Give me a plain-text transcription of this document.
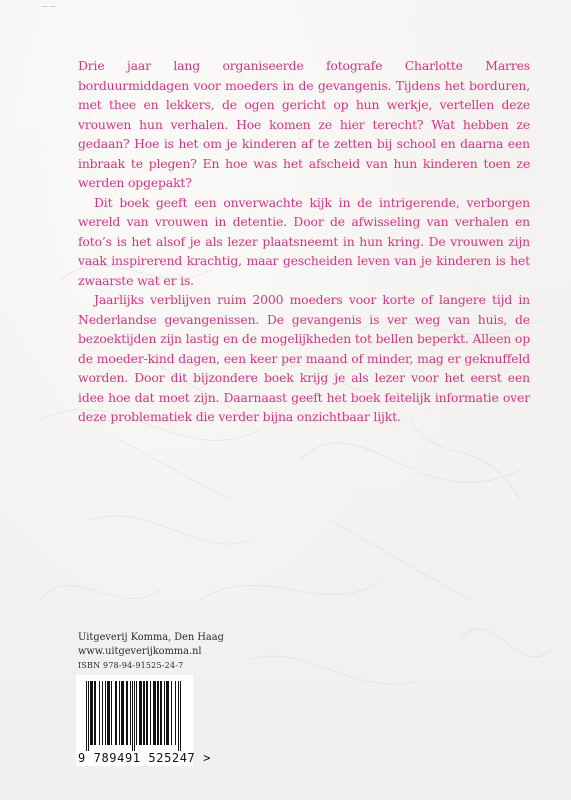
— —

Drie jaar lang organiseerde fotografe Charlotte Marres borduurmiddagen voor moeders in de gevangenis. Tijdens het borduren, met thee en lekkers, de ogen gericht op hun werkje, vertellen deze vrouwen hun verhalen. Hoe komen ze hier terecht? Wat hebben ze gedaan? Hoe is het om je kinderen af te zetten bij school en daarna een inbraak te plegen? En hoe was het afscheid van hun kinderen toen ze werden opgepakt?

Dit boek geeft een onverwachte kijk in de intrigerende, verborgen wereld van vrouwen in detentie. Door de afwisseling van verhalen en foto’s is het alsof je als lezer plaatsneemt in hun kring. De vrouwen zijn vaak inspirerend krachtig, maar gescheiden leven van je kinderen is het zwaarste wat er is.

Jaarlijks verblijven ruim 2000 moeders voor korte of langere tijd in Nederlandse gevangenissen. De gevangenis is ver weg van huis, de bezoektijden zijn lastig en de mogelijkheden tot bellen beperkt. Alleen op de moeder-kind dagen, een keer per maand of minder, mag er geknuffeld worden. Door dit bijzondere boek krijg je als lezer voor het eerst een idee hoe dat moet zijn. Daarnaast geeft het boek feitelijk informatie over deze problematiek die verder bijna onzichtbaar lijkt.

Uitgeverij Komma, Den Haag
www.uitgeverijkomma.nl
ISBN 978-94-91525-24-7
9 789491 525247 >
